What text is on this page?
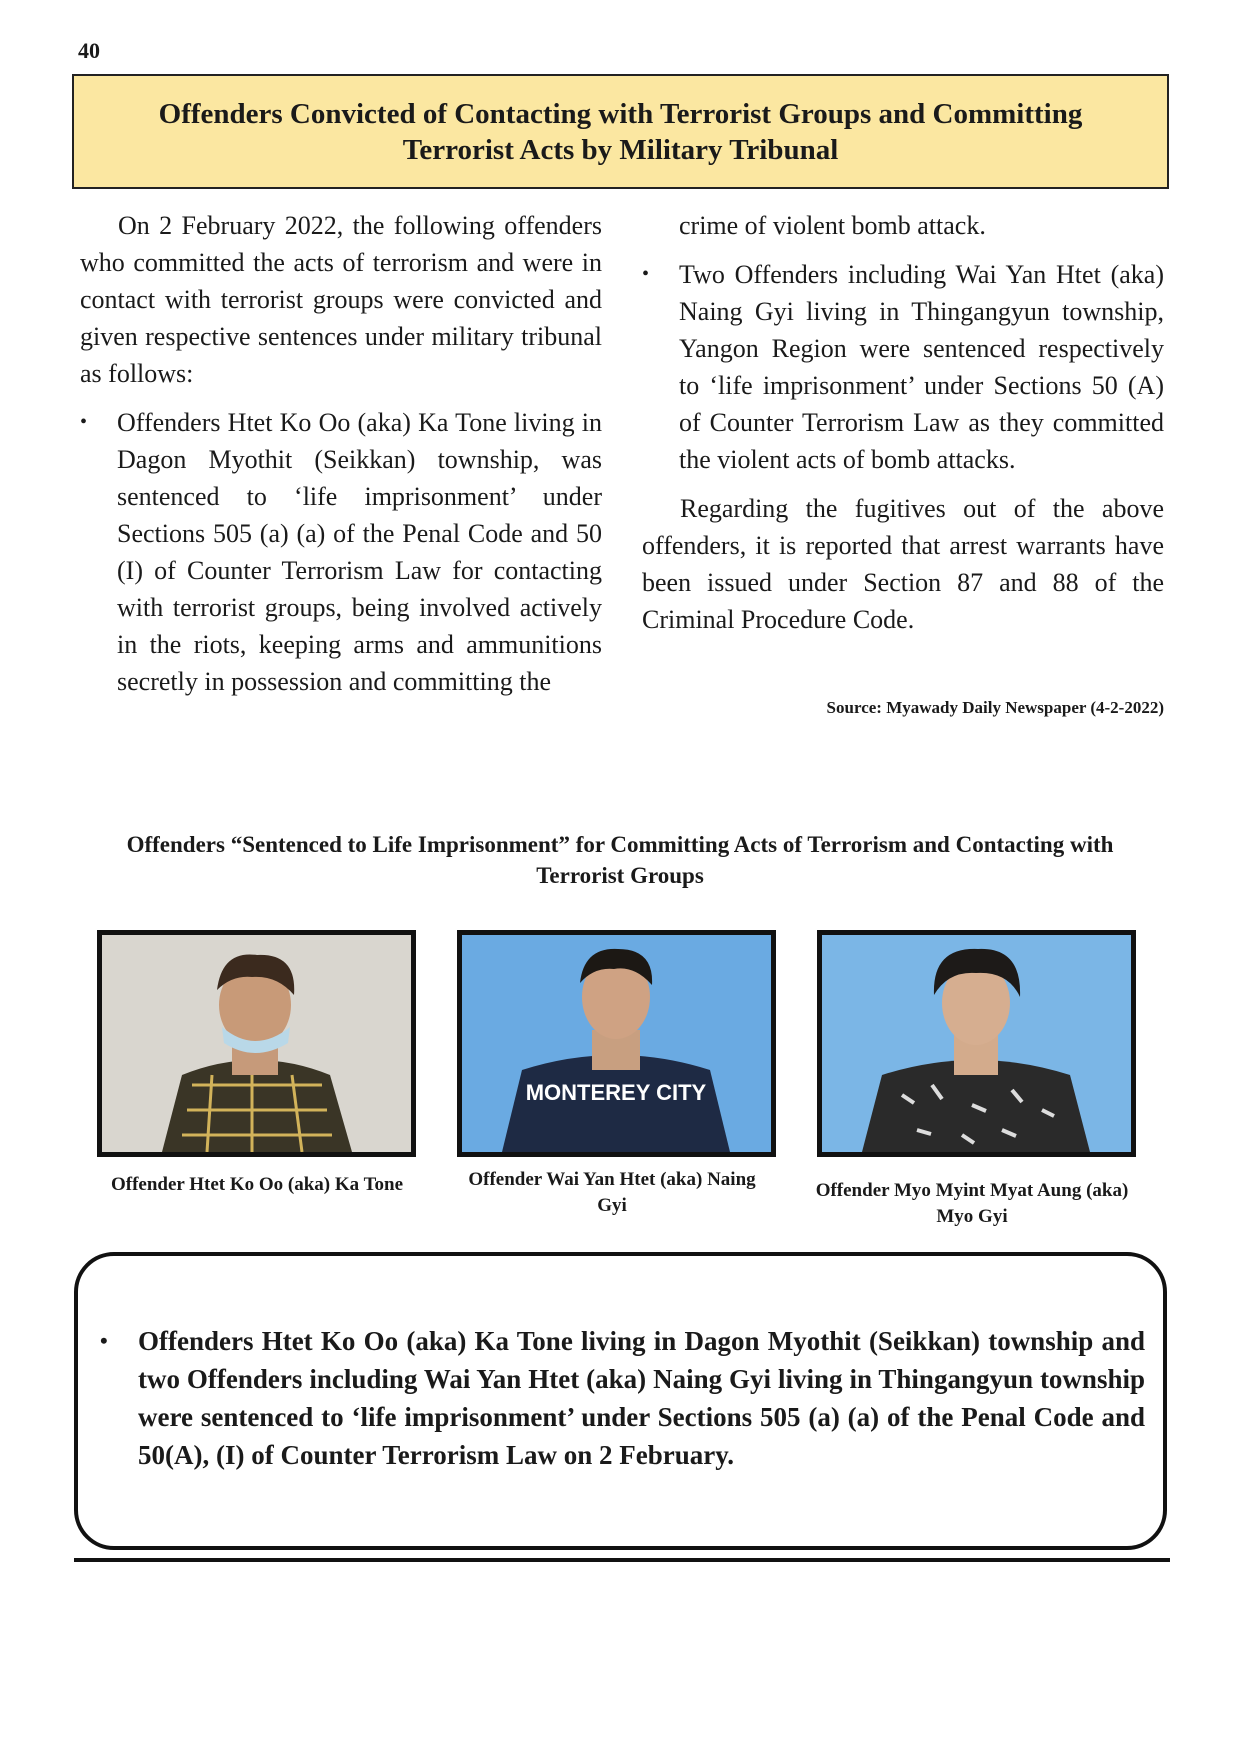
40
Offenders Convicted of Contacting with Terrorist Groups and Committing Terrorist Acts by Military Tribunal

On 2 February 2022, the following offenders who committed the acts of terrorism and were in contact with terrorist groups were convicted and given respective sentences under military tribunal as follows:

• Offenders Htet Ko Oo (aka) Ka Tone living in Dagon Myothit (Seikkan) township, was sentenced to ‘life imprisonment’ under Sections 505 (a) (a) of the Penal Code and 50 (I) of Counter Terrorism Law for contacting with terrorist groups, being involved actively in the riots, keeping arms and ammunitions secretly in possession and committing the

crime of violent bomb attack.

• Two Offenders including Wai Yan Htet (aka) Naing Gyi living in Thingangyun township, Yangon Region were sentenced respectively to ‘life imprisonment’ under Sections 50 (A) of Counter Terrorism Law as they committed the violent acts of bomb attacks.

Regarding the fugitives out of the above offenders, it is reported that arrest warrants have been issued under Section 87 and 88 of the Criminal Procedure Code.

Source: Myawady Daily Newspaper (4-2-2022)
Offenders “Sentenced to Life Imprisonment” for Committing Acts of Terrorism and Contacting with Terrorist Groups
MONTEREY CITY
Offender Htet Ko Oo (aka) Ka Tone	Offender Wai Yan Htet (aka) Naing Gyi
Offender Myo Myint Myat Aung (aka) Myo Gyi
• Offenders Htet Ko Oo (aka) Ka Tone living in Dagon Myothit (Seikkan) township and two Offenders including Wai Yan Htet (aka) Naing Gyi living in Thingangyun township were sentenced to ‘life imprisonment’ under Sections 505 (a) (a) of the Penal Code and 50(A), (I) of Counter Terrorism Law on 2 February.
